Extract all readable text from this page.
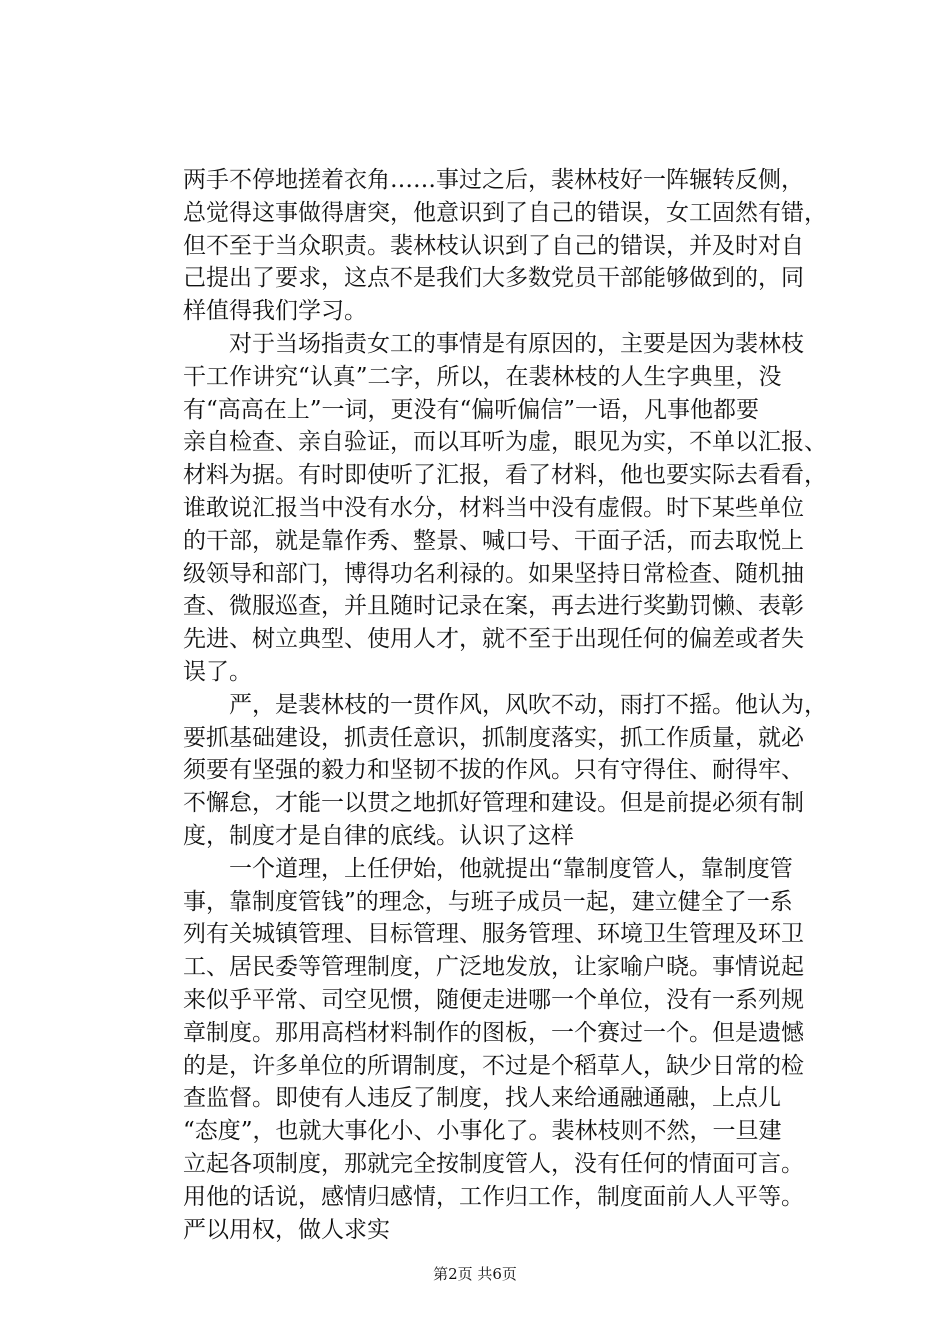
两手不停地搓着衣角……事过之后，裴林枝好一阵辗转反侧，
总觉得这事做得唐突，他意识到了自己的错误，女工固然有错，
但不至于当众职责。裴林枝认识到了自己的错误，并及时对自
己提出了要求，这点不是我们大多数党员干部能够做到的，同
样值得我们学习。
对于当场指责女工的事情是有原因的，主要是因为裴林枝
干工作讲究“认真”二字，所以，在裴林枝的人生字典里，没
有“高高在上”一词，更没有“偏听偏信”一语，凡事他都要
亲自检查、亲自验证，而以耳听为虚，眼见为实，不单以汇报、
材料为据。有时即使听了汇报，看了材料，他也要实际去看看，
谁敢说汇报当中没有水分，材料当中没有虚假。时下某些单位
的干部，就是靠作秀、整景、喊口号、干面子活，而去取悦上
级领导和部门，博得功名利禄的。如果坚持日常检查、随机抽
查、微服巡查，并且随时记录在案，再去进行奖勤罚懒、表彰
先进、树立典型、使用人才，就不至于出现任何的偏差或者失
误了。
严，是裴林枝的一贯作风，风吹不动，雨打不摇。他认为，
要抓基础建设，抓责任意识，抓制度落实，抓工作质量，就必
须要有坚强的毅力和坚韧不拔的作风。只有守得住、耐得牢、
不懈怠，才能一以贯之地抓好管理和建设。但是前提必须有制
度，制度才是自律的底线。认识了这样
一个道理，上任伊始，他就提出“靠制度管人，靠制度管
事，靠制度管钱”的理念，与班子成员一起，建立健全了一系
列有关城镇管理、目标管理、服务管理、环境卫生管理及环卫
工、居民委等管理制度，广泛地发放，让家喻户晓。事情说起
来似乎平常、司空见惯，随便走进哪一个单位，没有一系列规
章制度。那用高档材料制作的图板，一个赛过一个。但是遗憾
的是，许多单位的所谓制度，不过是个稻草人，缺少日常的检
查监督。即使有人违反了制度，找人来给通融通融，上点儿
“态度”，也就大事化小、小事化了。裴林枝则不然，一旦建
立起各项制度，那就完全按制度管人，没有任何的情面可言。
用他的话说，感情归感情，工作归工作，制度面前人人平等。
严以用权，做人求实
第2页 共6页
